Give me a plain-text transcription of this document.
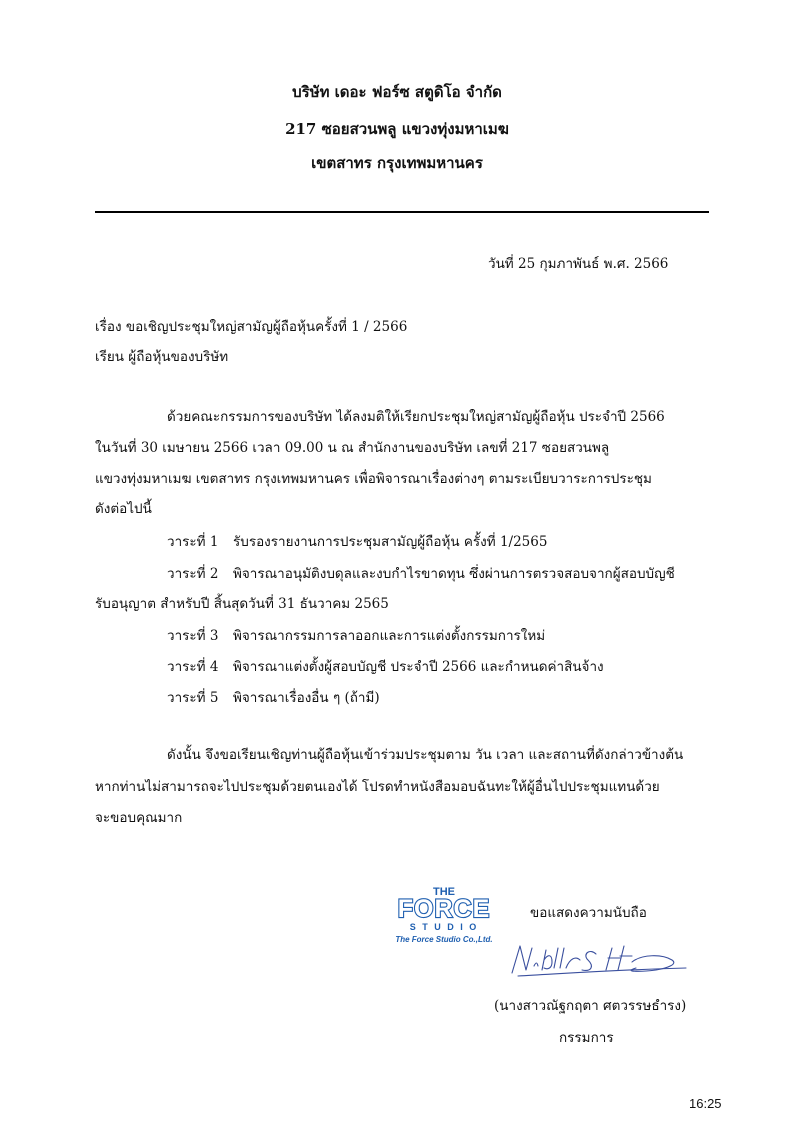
บริษัท เดอะ ฟอร์ซ สตูดิโอ จำกัด
217 ซอยสวนพลู แขวงทุ่งมหาเมฆ
เขตสาทร กรุงเทพมหานคร
วันที่ 25 กุมภาพันธ์ พ.ศ. 2566
เรื่อง ขอเชิญประชุมใหญ่สามัญผู้ถือหุ้นครั้งที่ 1 / 2566
เรียน ผู้ถือหุ้นของบริษัท
ด้วยคณะกรรมการของบริษัท ได้ลงมติให้เรียกประชุมใหญ่สามัญผู้ถือหุ้น ประจำปี 2566
ในวันที่ 30 เมษายน 2566 เวลา 09.00 น ณ สำนักงานของบริษัท เลขที่ 217 ซอยสวนพลู
แขวงทุ่งมหาเมฆ เขตสาทร กรุงเทพมหานคร เพื่อพิจารณาเรื่องต่างๆ ตามระเบียบวาระการประชุม
ดังต่อไปนี้
วาระที่ 1 รับรองรายงานการประชุมสามัญผู้ถือหุ้น ครั้งที่ 1/2565
วาระที่ 2 พิจารณาอนุมัติงบดุลและงบกำไรขาดทุน ซึ่งผ่านการตรวจสอบจากผู้สอบบัญชี
รับอนุญาต สำหรับปี สิ้นสุดวันที่ 31 ธันวาคม 2565
วาระที่ 3 พิจารณากรรมการลาออกและการแต่งตั้งกรรมการใหม่
วาระที่ 4 พิจารณาแต่งตั้งผู้สอบบัญชี ประจำปี 2566 และกำหนดค่าสินจ้าง
วาระที่ 5 พิจารณาเรื่องอื่น ๆ (ถ้ามี)
ดังนั้น จึงขอเรียนเชิญท่านผู้ถือหุ้นเข้าร่วมประชุมตาม วัน เวลา และสถานที่ดังกล่าวข้างต้น
หากท่านไม่สามารถจะไปประชุมด้วยตนเองได้ โปรดทำหนังสือมอบฉันทะให้ผู้อื่นไปประชุมแทนด้วย
จะขอบคุณมาก
THE
FORCE
S T U D I O
The Force Studio Co.,Ltd.
ขอแสดงความนับถือ
(นางสาวณัฐกฤตา ศตวรรษธำรง)
กรรมการ
16:25
